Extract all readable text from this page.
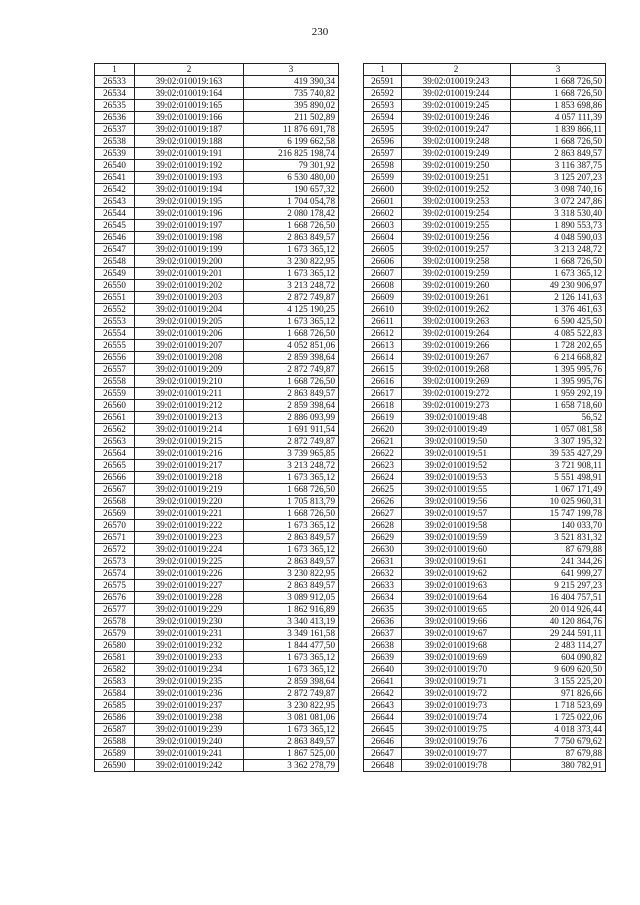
230
1	2	3
26533	39:02:010019:163	419 390,34
26534	39:02:010019:164	735 740,82
26535	39:02:010019:165	395 890,02
26536	39:02:010019:166	211 502,89
26537	39:02:010019:187	11 876 691,78
26538	39:02:010019:188	6 199 662,58
26539	39:02:010019:191	216 825 198,74
26540	39:02:010019:192	79 301,92
26541	39:02:010019:193	6 530 480,00
26542	39:02:010019:194	190 657,32
26543	39:02:010019:195	1 704 054,78
26544	39:02:010019:196	2 080 178,42
26545	39:02:010019:197	1 668 726,50
26546	39:02:010019:198	2 863 849,57
26547	39:02:010019:199	1 673 365,12
26548	39:02:010019:200	3 230 822,95
26549	39:02:010019:201	1 673 365,12
26550	39:02:010019:202	3 213 248,72
26551	39:02:010019:203	2 872 749,87
26552	39:02:010019:204	4 125 190,25
26553	39:02:010019:205	1 673 365,12
26554	39:02:010019:206	1 668 726,50
26555	39:02:010019:207	4 052 851,06
26556	39:02:010019:208	2 859 398,64
26557	39:02:010019:209	2 872 749,87
26558	39:02:010019:210	1 668 726,50
26559	39:02:010019:211	2 863 849,57
26560	39:02:010019:212	2 859 398,64
26561	39:02:010019:213	2 886 093,99
26562	39:02:010019:214	1 691 911,54
26563	39:02:010019:215	2 872 749,87
26564	39:02:010019:216	3 739 965,85
26565	39:02:010019:217	3 213 248,72
26566	39:02:010019:218	1 673 365,12
26567	39:02:010019:219	1 668 726,50
26568	39:02:010019:220	1 705 813,79
26569	39:02:010019:221	1 668 726,50
26570	39:02:010019:222	1 673 365,12
26571	39:02:010019:223	2 863 849,57
26572	39:02:010019:224	1 673 365,12
26573	39:02:010019:225	2 863 849,57
26574	39:02:010019:226	3 230 822,95
26575	39:02:010019:227	2 863 849,57
26576	39:02:010019:228	3 089 912,05
26577	39:02:010019:229	1 862 916,89
26578	39:02:010019:230	3 340 413,19
26579	39:02:010019:231	3 349 161,58
26580	39:02:010019:232	1 844 477,50
26581	39:02:010019:233	1 673 365,12
26582	39:02:010019:234	1 673 365,12
26583	39:02:010019:235	2 859 398,64
26584	39:02:010019:236	2 872 749,87
26585	39:02:010019:237	3 230 822,95
26586	39:02:010019:238	3 081 081,06
26587	39:02:010019:239	1 673 365,12
26588	39:02:010019:240	2 863 849,57
26589	39:02:010019:241	1 867 525,00
26590	39:02:010019:242	3 362 278,79
1	2	3
26591	39:02:010019:243	1 668 726,50
26592	39:02:010019:244	1 668 726,50
26593	39:02:010019:245	1 853 698,86
26594	39:02:010019:246	4 057 111,39
26595	39:02:010019:247	1 839 866,11
26596	39:02:010019:248	1 668 726,50
26597	39:02:010019:249	2 863 849,57
26598	39:02:010019:250	3 116 387,75
26599	39:02:010019:251	3 125 207,23
26600	39:02:010019:252	3 098 740,16
26601	39:02:010019:253	3 072 247,86
26602	39:02:010019:254	3 318 530,40
26603	39:02:010019:255	1 890 553,73
26604	39:02:010019:256	4 048 590,03
26605	39:02:010019:257	3 213 248,72
26606	39:02:010019:258	1 668 726,50
26607	39:02:010019:259	1 673 365,12
26608	39:02:010019:260	49 230 906,97
26609	39:02:010019:261	2 126 141,63
26610	39:02:010019:262	1 376 461,63
26611	39:02:010019:263	6 590 425,50
26612	39:02:010019:264	4 085 522,83
26613	39:02:010019:266	1 728 202,65
26614	39:02:010019:267	6 214 668,82
26615	39:02:010019:268	1 395 995,76
26616	39:02:010019:269	1 395 995,76
26617	39:02:010019:272	1 959 292,19
26618	39:02:010019:273	1 658 718,60
26619	39:02:010019:48	56,52
26620	39:02:010019:49	1 057 081,58
26621	39:02:010019:50	3 307 195,32
26622	39:02:010019:51	39 535 427,29
26623	39:02:010019:52	3 721 908,11
26624	39:02:010019:53	5 551 498,91
26625	39:02:010019:55	1 067 171,49
26626	39:02:010019:56	10 025 960,31
26627	39:02:010019:57	15 747 199,78
26628	39:02:010019:58	140 033,70
26629	39:02:010019:59	3 521 831,32
26630	39:02:010019:60	87 679,88
26631	39:02:010019:61	241 344,26
26632	39:02:010019:62	641 999,27
26633	39:02:010019:63	9 215 297,23
26634	39:02:010019:64	16 404 757,51
26635	39:02:010019:65	20 014 926,44
26636	39:02:010019:66	40 120 864,76
26637	39:02:010019:67	29 244 591,11
26638	39:02:010019:68	2 483 114,27
26639	39:02:010019:69	604 090,82
26640	39:02:010019:70	9 609 620,50
26641	39:02:010019:71	3 155 225,20
26642	39:02:010019:72	971 826,66
26643	39:02:010019:73	1 718 523,69
26644	39:02:010019:74	1 725 022,06
26645	39:02:010019:75	4 018 373,44
26646	39:02:010019:76	7 750 679,62
26647	39:02:010019:77	87 679,88
26648	39:02:010019:78	380 782,91
